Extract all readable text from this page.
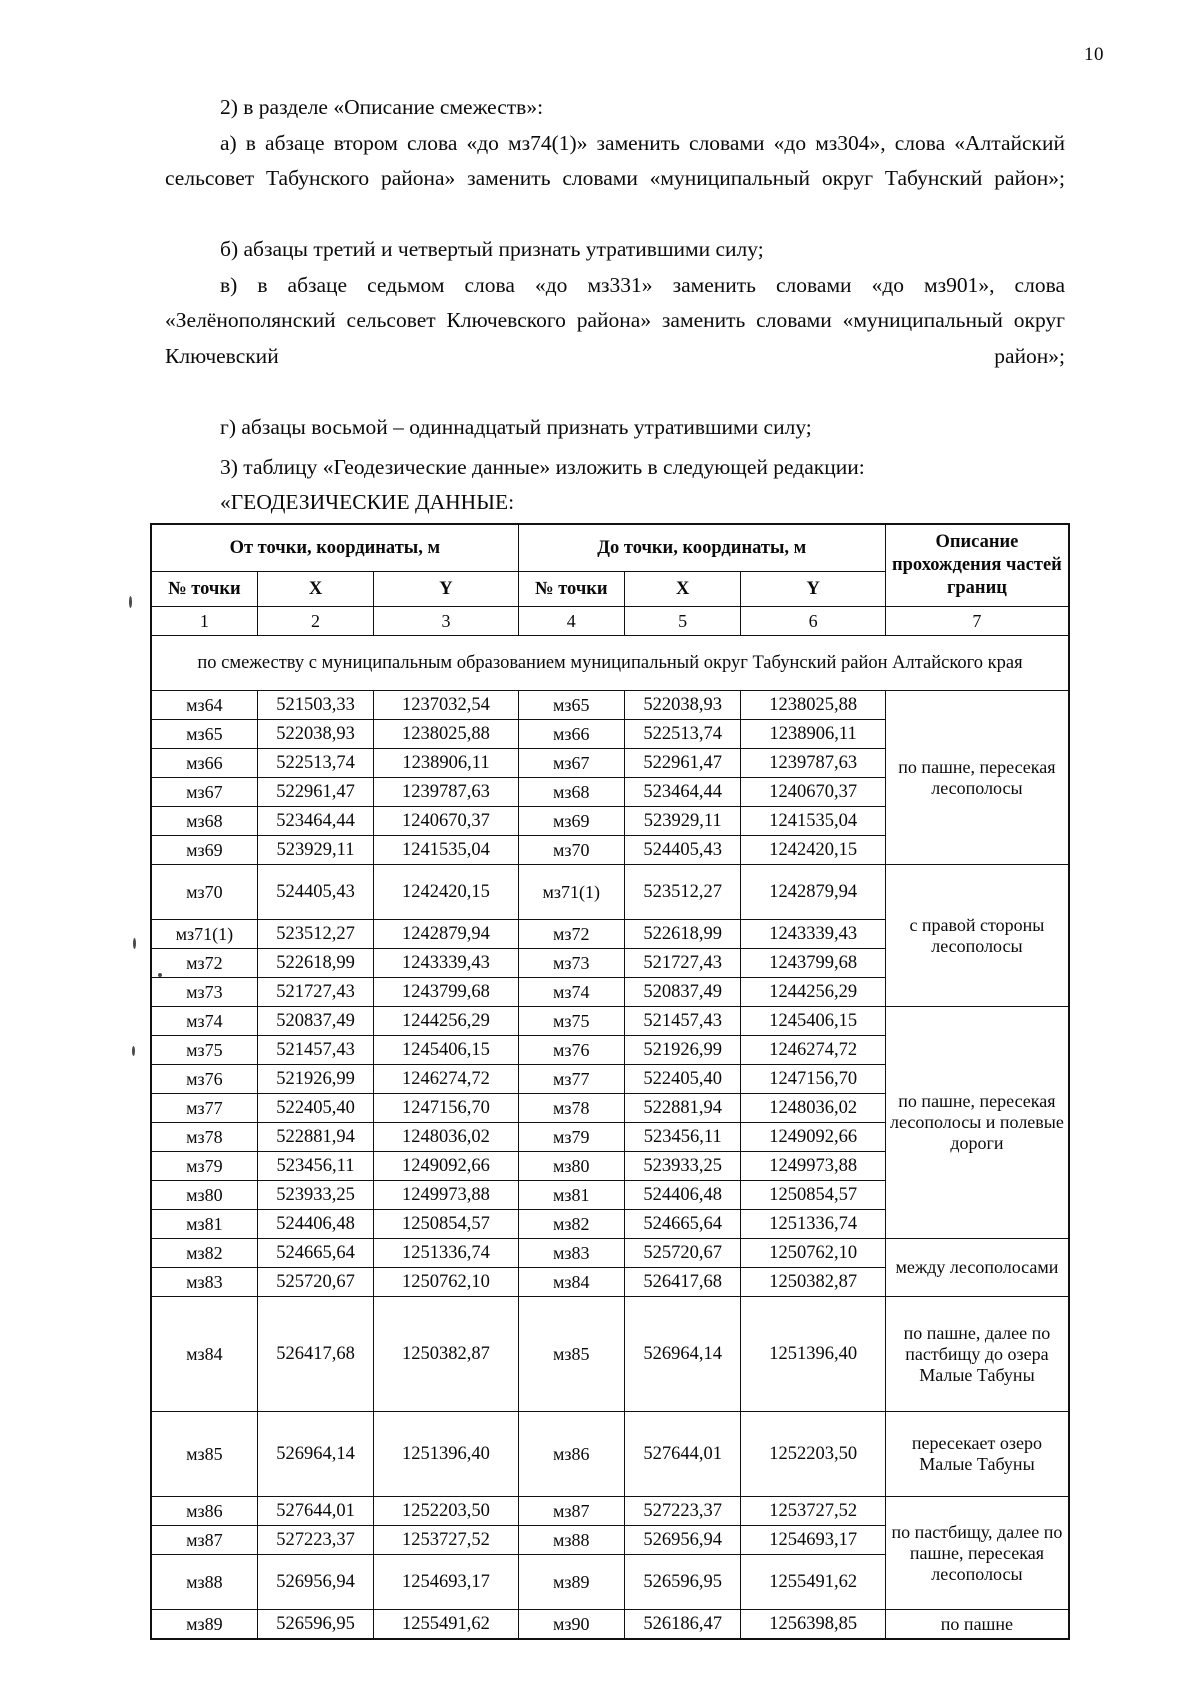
10

2) в разделе «Описание смежеств»:

а) в абзаце втором слова «до мз74(1)» заменить словами «до мз304», слова «Алтайский сельсовет Табунского района» заменить словами «муниципальный округ Табунский район»;

б) абзацы третий и четвертый признать утратившими силу;

в) в абзаце седьмом слова «до мз331» заменить словами «до мз901», слова «Зелёнополянский сельсовет Ключевского района» заменить словами «муниципальный округ Ключевский район»;

г) абзацы восьмой – одиннадцатый признать утратившими силу;

3) таблицу «Геодезические данные» изложить в следующей редакции:
«ГЕОДЕЗИЧЕСКИЕ ДАННЫЕ:
От точки, координаты, м			До точки, координаты, м			Описание прохождения частей границ
№ точки	X	Y	№ точки	X	Y	
1	2	3	4	5	6	7
по смежеству с муниципальным образованием муниципальный округ Табунский район Алтайского края						
мз64	521503,33	1237032,54	мз65	522038,93	1238025,88	по пашне, пересекая лесополосы
мз65	522038,93	1238025,88	мз66	522513,74	1238906,11	
мз66	522513,74	1238906,11	мз67	522961,47	1239787,63	
мз67	522961,47	1239787,63	мз68	523464,44	1240670,37	
мз68	523464,44	1240670,37	мз69	523929,11	1241535,04	
мз69	523929,11	1241535,04	мз70	524405,43	1242420,15	
мз70	524405,43	1242420,15	мз71(1)	523512,27	1242879,94	с правой стороны лесополосы
мз71(1)	523512,27	1242879,94	мз72	522618,99	1243339,43	
мз72	522618,99	1243339,43	мз73	521727,43	1243799,68	
мз73	521727,43	1243799,68	мз74	520837,49	1244256,29	
мз74	520837,49	1244256,29	мз75	521457,43	1245406,15	по пашне, пересекая лесополосы и полевые дороги
мз75	521457,43	1245406,15	мз76	521926,99	1246274,72	
мз76	521926,99	1246274,72	мз77	522405,40	1247156,70	
мз77	522405,40	1247156,70	мз78	522881,94	1248036,02	
мз78	522881,94	1248036,02	мз79	523456,11	1249092,66	
мз79	523456,11	1249092,66	мз80	523933,25	1249973,88	
мз80	523933,25	1249973,88	мз81	524406,48	1250854,57	
мз81	524406,48	1250854,57	мз82	524665,64	1251336,74	
мз82	524665,64	1251336,74	мз83	525720,67	1250762,10	между лесополосами
мз83	525720,67	1250762,10	мз84	526417,68	1250382,87	
мз84	526417,68	1250382,87	мз85	526964,14	1251396,40	по пашне, далее по пастбищу до озера Малые Табуны
мз85	526964,14	1251396,40	мз86	527644,01	1252203,50	пересекает озеро Малые Табуны
мз86	527644,01	1252203,50	мз87	527223,37	1253727,52	по пастбищу, далее по пашне, пересекая лесополосы
мз87	527223,37	1253727,52	мз88	526956,94	1254693,17	
мз88	526956,94	1254693,17	мз89	526596,95	1255491,62	
мз89	526596,95	1255491,62	мз90	526186,47	1256398,85	по пашне
